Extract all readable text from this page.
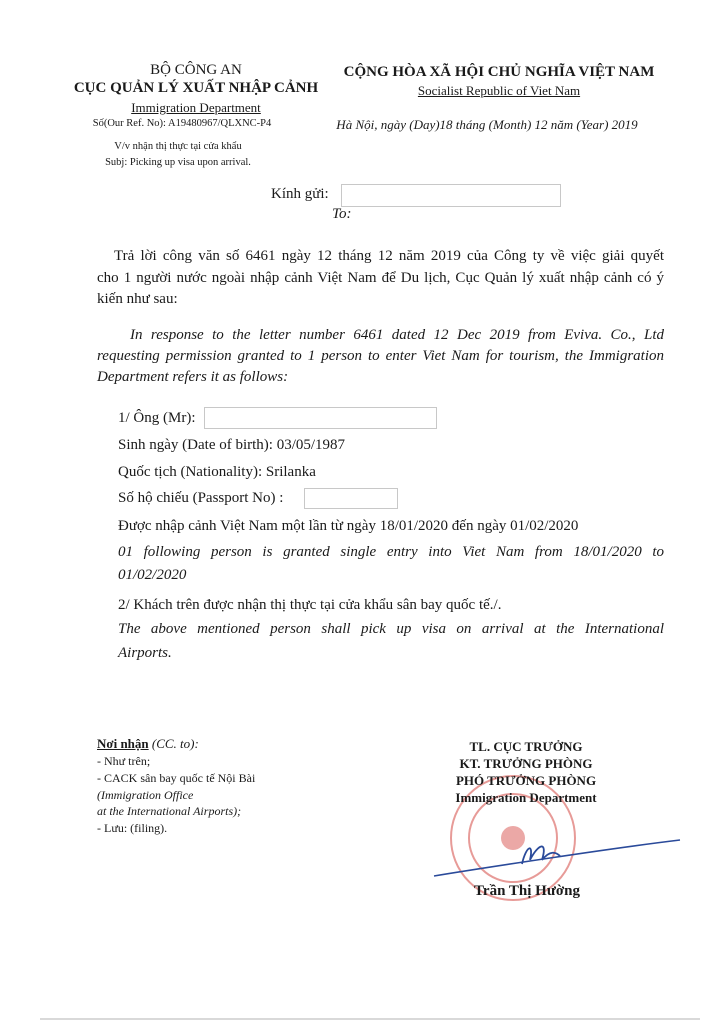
BỘ CÔNG AN
CỤC QUẢN LÝ XUẤT NHẬP CẢNH
Immigration Department
Số(Our Ref. No): A19480967/QLXNC-P4
V/v nhận thị thực tại cửa khẩu
Subj: Picking up visa upon arrival.
CỘNG HÒA XÃ HỘI CHỦ NGHĨA VIỆT NAM
Socialist Republic of Viet Nam
Hà Nội, ngày (Day)18 tháng (Month) 12 năm (Year) 2019
Kính gửi:
To:
Trả lời công văn số 6461 ngày 12 tháng 12 năm 2019 của Công ty về việc giải quyết
cho 1 người nước ngoài nhập cảnh Việt Nam để Du lịch, Cục Quản lý xuất nhập cảnh có ý
kiến như sau:
In response to the letter number 6461 dated 12 Dec 2019 from Eviva. Co., Ltd
requesting permission granted to 1 person to enter Viet Nam for tourism, the Immigration
Department refers it as follows:
1/ Ông (Mr):
Sinh ngày (Date of birth): 03/05/1987
Quốc tịch (Nationality): Srilanka
Số hộ chiếu (Passport No) :
Được nhập cảnh Việt Nam một lần từ ngày 18/01/2020 đến ngày 01/02/2020
01 following person is granted single entry into Viet Nam from 18/01/2020 to
01/02/2020
2/ Khách trên được nhận thị thực tại cửa khẩu sân bay quốc tế./.
The above mentioned person shall pick up visa on arrival at the International
Airports.
Nơi nhận (CC. to):
- Như trên;
- CACK sân bay quốc tế Nội Bài
(Immigration Office
at the International Airports);
- Lưu: (filing).
TL. CỤC TRƯỞNG
KT. TRƯỞNG PHÒNG
PHÓ TRƯỞNG PHÒNG
Immigration Department
Trần Thị Hường
